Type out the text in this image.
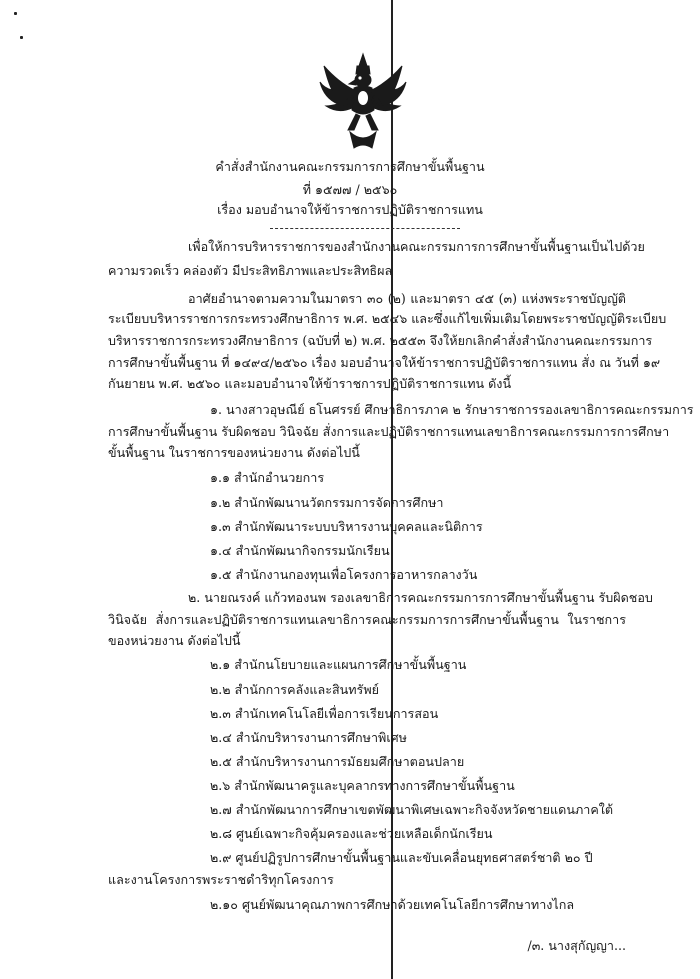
คำสั่งสำนักงานคณะกรรมการการศึกษาขั้นพื้นฐาน
ที่ ๑๕๗๗ / ๒๕๖๐
เรื่อง มอบอำนาจให้ข้าราชการปฏิบัติราชการแทน
เพื่อให้การบริหารราชการของสำนักงานคณะกรรมการการศึกษาขั้นพื้นฐานเป็นไปด้วย
ความรวดเร็ว คล่องตัว มีประสิทธิภาพและประสิทธิผล
อาศัยอำนาจตามความในมาตรา ๓๐ (๒) และมาตรา ๔๕ (๓) แห่งพระราชบัญญัติ
ระเบียบบริหารราชการกระทรวงศึกษาธิการ พ.ศ. ๒๕๔๖ และซึ่งแก้ไขเพิ่มเติมโดยพระราชบัญญัติระเบียบ
บริหารราชการกระทรวงศึกษาธิการ (ฉบับที่ ๒) พ.ศ. ๒๕๕๓ จึงให้ยกเลิกคำสั่งสำนักงานคณะกรรมการ
การศึกษาขั้นพื้นฐาน ที่ ๑๔๙๔/๒๕๖๐ เรื่อง มอบอำนาจให้ข้าราชการปฏิบัติราชการแทน สั่ง ณ วันที่ ๑๙
กันยายน พ.ศ. ๒๕๖๐ และมอบอำนาจให้ข้าราชการปฏิบัติราชการแทน ดังนี้
๑. นางสาวอุษณีย์ ธโนศรรย์ ศึกษาธิการภาค ๒ รักษาราชการรองเลขาธิการคณะกรรมการ
การศึกษาขั้นพื้นฐาน รับผิดชอบ วินิจฉัย สั่งการและปฏิบัติราชการแทนเลขาธิการคณะกรรมการการศึกษา
ขั้นพื้นฐาน ในราชการของหน่วยงาน ดังต่อไปนี้
๑.๑ สำนักอำนวยการ
๑.๒ สำนักพัฒนานวัตกรรมการจัดการศึกษา
๑.๓ สำนักพัฒนาระบบบริหารงานบุคคลและนิติการ
๑.๔ สำนักพัฒนากิจกรรมนักเรียน
๑.๕ สำนักงานกองทุนเพื่อโครงการอาหารกลางวัน
๒. นายณรงค์ แก้วทองนพ รองเลขาธิการคณะกรรมการการศึกษาขั้นพื้นฐาน รับผิดชอบ
วินิจฉัย สั่งการและปฏิบัติราชการแทนเลขาธิการคณะกรรมการการศึกษาขั้นพื้นฐาน ในราชการ
ของหน่วยงาน ดังต่อไปนี้
๒.๑ สำนักนโยบายและแผนการศึกษาขั้นพื้นฐาน
๒.๒ สำนักการคลังและสินทรัพย์
๒.๓ สำนักเทคโนโลยีเพื่อการเรียนการสอน
๒.๔ สำนักบริหารงานการศึกษาพิเศษ
๒.๕ สำนักบริหารงานการมัธยมศึกษาตอนปลาย
๒.๖ สำนักพัฒนาครูและบุคลากรทางการศึกษาขั้นพื้นฐาน
๒.๗ สำนักพัฒนาการศึกษาเขตพัฒนาพิเศษเฉพาะกิจจังหวัดชายแดนภาคใต้
๒.๘ ศูนย์เฉพาะกิจคุ้มครองและช่วยเหลือเด็กนักเรียน
๒.๙ ศูนย์ปฏิรูปการศึกษาขั้นพื้นฐานและขับเคลื่อนยุทธศาสตร์ชาติ ๒๐ ปี
และงานโครงการพระราชดำริทุกโครงการ
๒.๑๐ ศูนย์พัฒนาคุณภาพการศึกษาด้วยเทคโนโลยีการศึกษาทางไกล
/๓. นางสุกัญญา...
